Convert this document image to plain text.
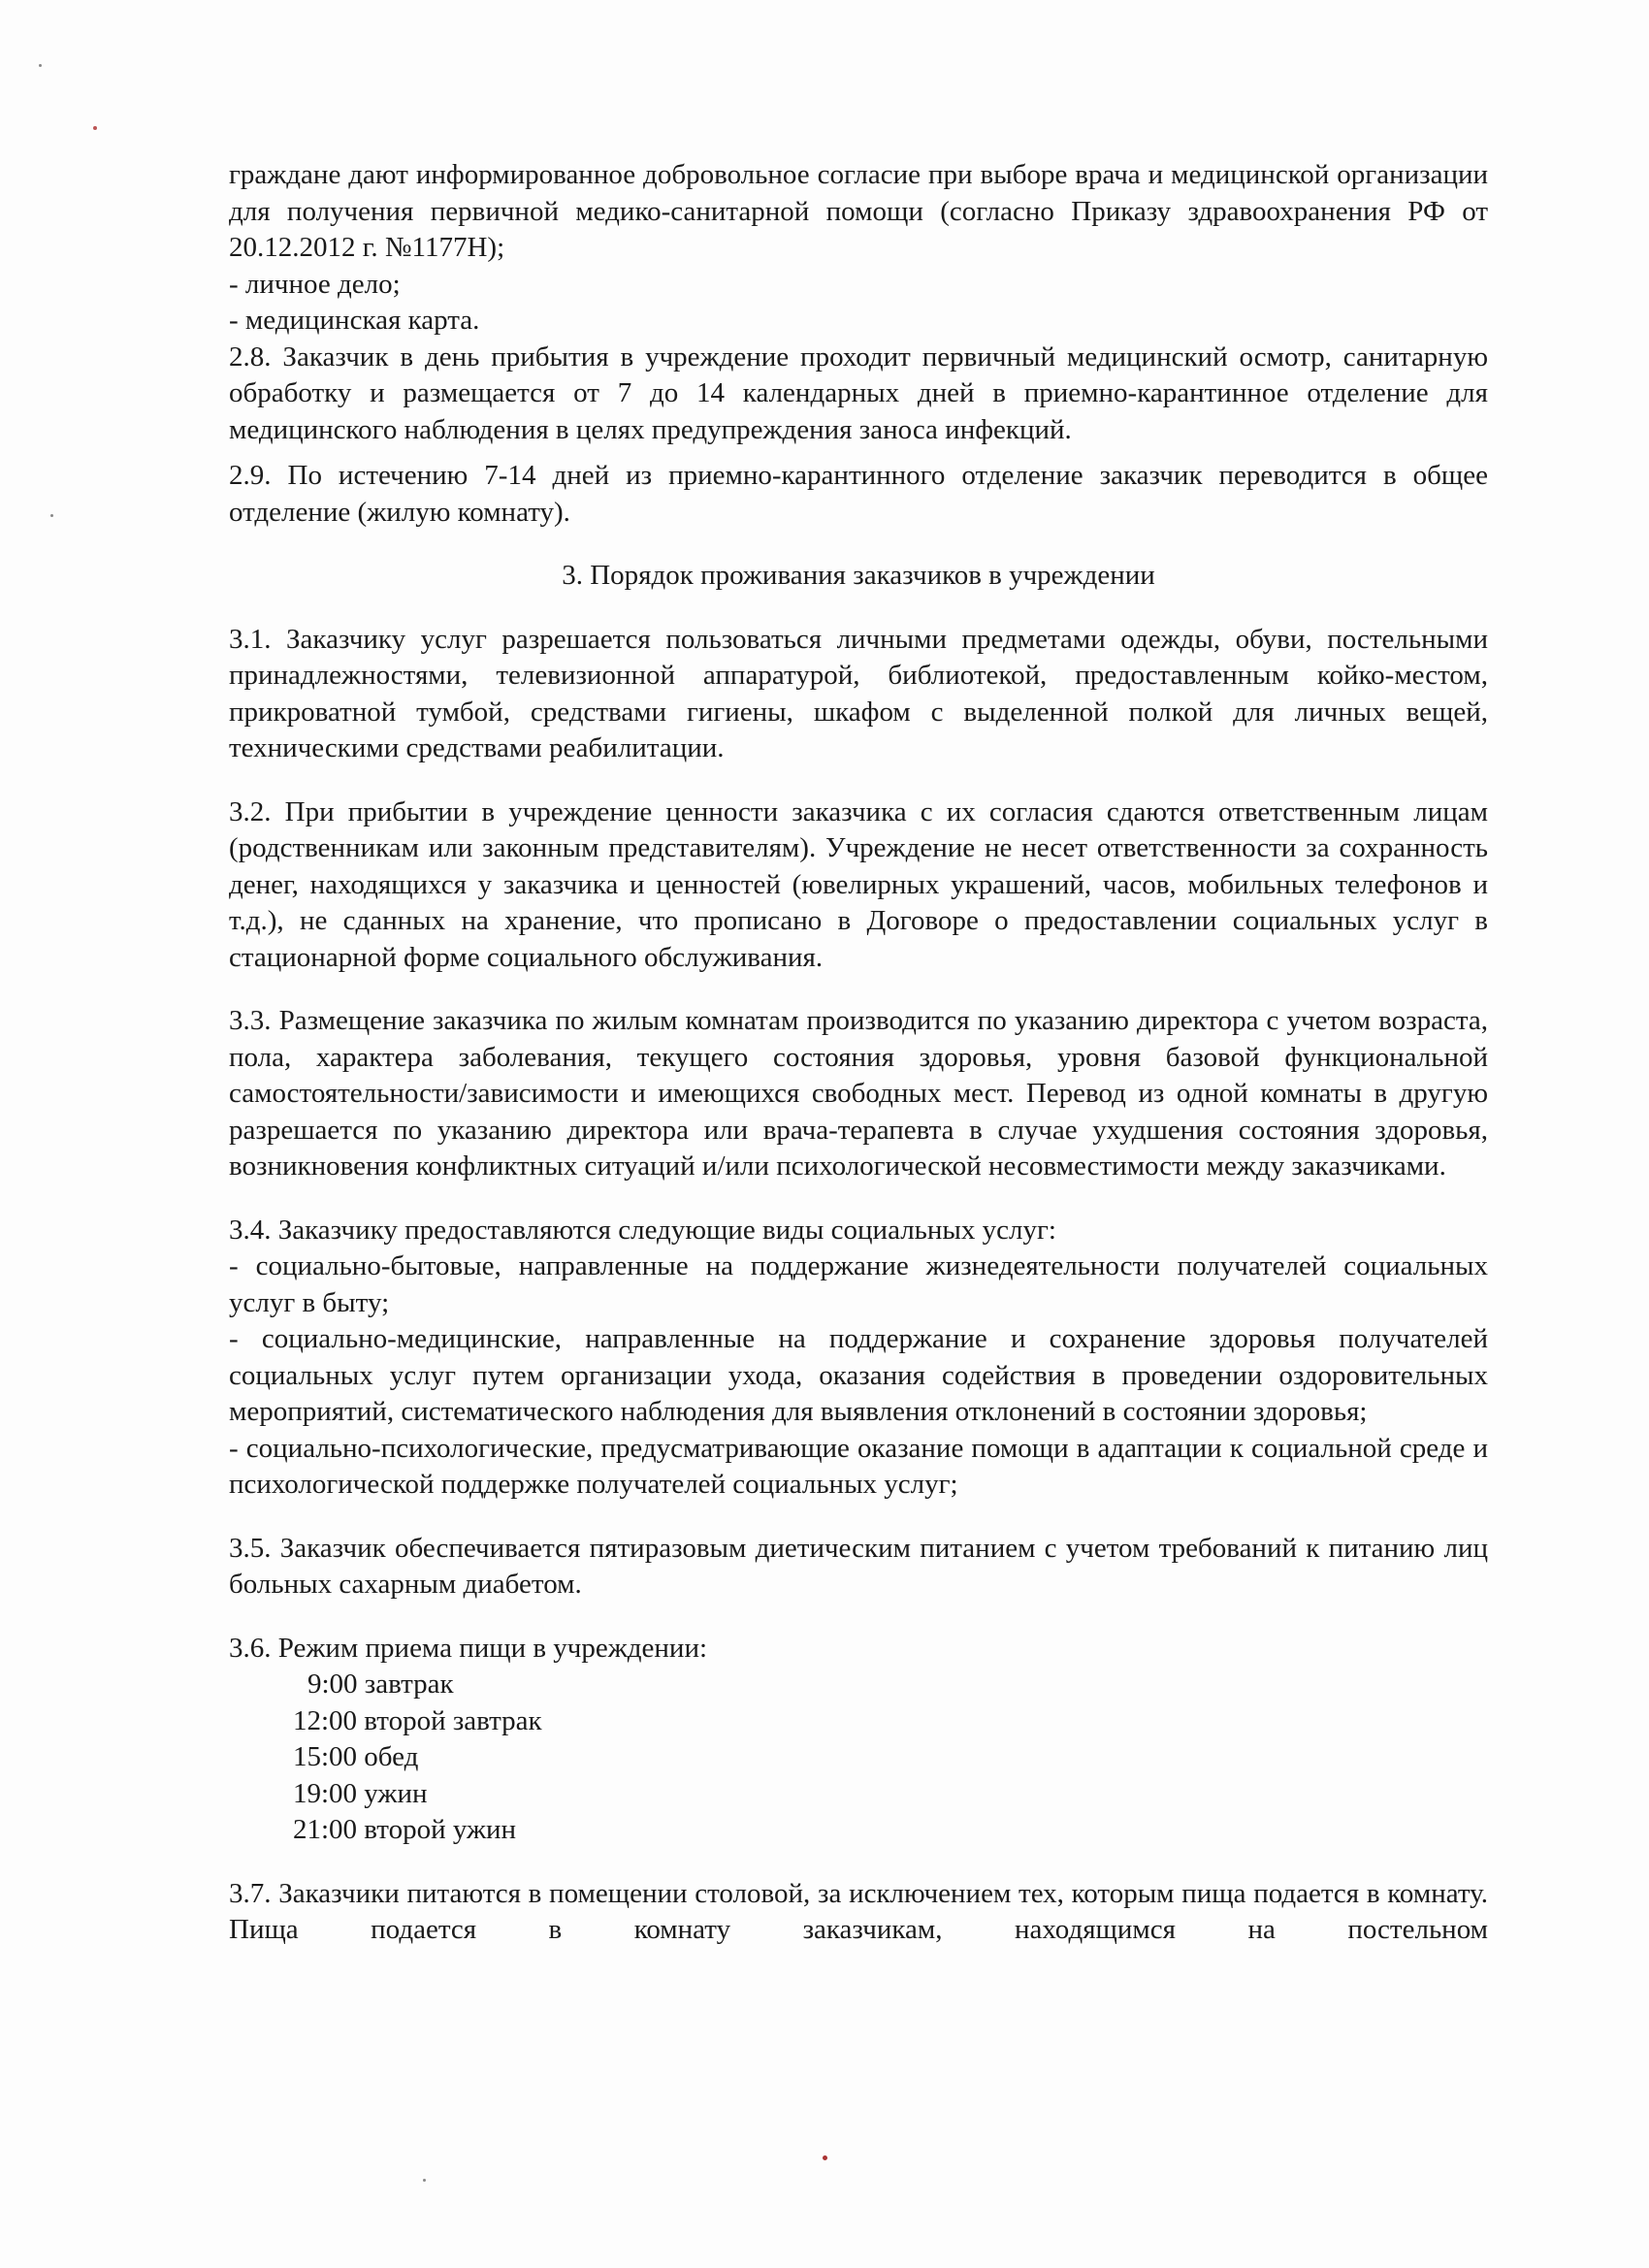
граждане дают информированное добровольное согласие при выборе врача и медицинской организации для получения первичной медико-санитарной помощи (согласно Приказу здравоохранения РФ от 20.12.2012 г. №1177Н);

- личное дело;

- медицинская карта.

2.8. Заказчик в день прибытия в учреждение проходит первичный медицинский осмотр, санитарную обработку и размещается от 7 до 14 календарных дней в приемно-карантинное отделение для медицинского наблюдения в целях предупреждения заноса инфекций.

2.9. По истечению 7-14 дней из приемно-карантинного отделение заказчик переводится в общее отделение (жилую комнату).

3. Порядок проживания заказчиков в учреждении

3.1. Заказчику услуг разрешается пользоваться личными предметами одежды, обуви, постельными принадлежностями, телевизионной аппаратурой, библиотекой, предоставленным койко-местом, прикроватной тумбой, средствами гигиены, шкафом с выделенной полкой для личных вещей, техническими средствами реабилитации.

3.2. При прибытии в учреждение ценности заказчика с их согласия сдаются ответственным лицам (родственникам или законным представителям). Учреждение не несет ответственности за сохранность денег, находящихся у заказчика и ценностей (ювелирных украшений, часов, мобильных телефонов и т.д.), не сданных на хранение, что прописано в Договоре о предоставлении социальных услуг в стационарной форме социального обслуживания.

3.3. Размещение заказчика по жилым комнатам производится по указанию директора с учетом возраста, пола, характера заболевания, текущего состояния здоровья, уровня базовой функциональной самостоятельности/зависимости и имеющихся свободных мест. Перевод из одной комнаты в другую разрешается по указанию директора или врача-терапевта в случае ухудшения состояния здоровья, возникновения конфликтных ситуаций и/или психологической несовместимости между заказчиками.

3.4. Заказчику предоставляются следующие виды социальных услуг:

- социально-бытовые, направленные на поддержание жизнедеятельности получателей социальных услуг в быту;

- социально-медицинские, направленные на поддержание и сохранение здоровья получателей социальных услуг путем организации ухода, оказания содействия в проведении оздоровительных мероприятий, систематического наблюдения для выявления отклонений в состоянии здоровья;

- социально-психологические, предусматривающие оказание помощи в адаптации к социальной среде и психологической поддержке получателей социальных услуг;

3.5. Заказчик обеспечивается пятиразовым диетическим питанием с учетом требований к питанию лиц больных сахарным диабетом.

3.6. Режим приема пищи в учреждении:

9:00 завтрак

12:00 второй завтрак

15:00 обед

19:00 ужин

21:00 второй ужин

3.7. Заказчики питаются в помещении столовой, за исключением тех, которым пища подается в комнату. Пища подается в комнату заказчикам, находящимся на постельном
